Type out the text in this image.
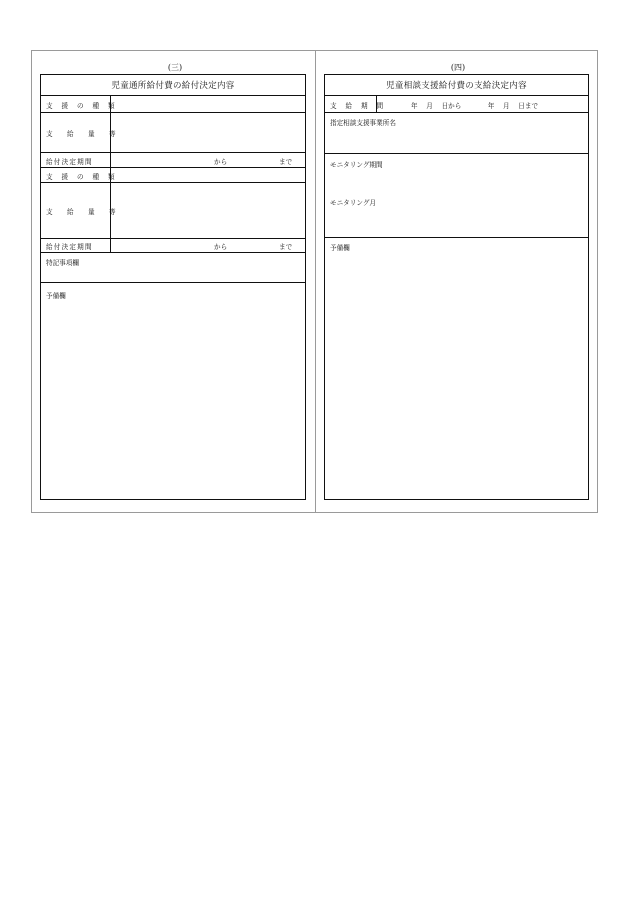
(三)
児童通所給付費の給付決定内容
支 援 の 種 類
支  給  量  等
給付決定期間	から	まで
支 援 の 種 類
支  給  量  等
給付決定期間	から	まで
特記事項欄
予備欄
(四)
児童相談支援給付費の支給決定内容
支 給 期 間	年　 月　 日から　　　　年　 月　 日まで
指定相談支援事業所名
モニタリング期間
モニタリング月
予備欄
